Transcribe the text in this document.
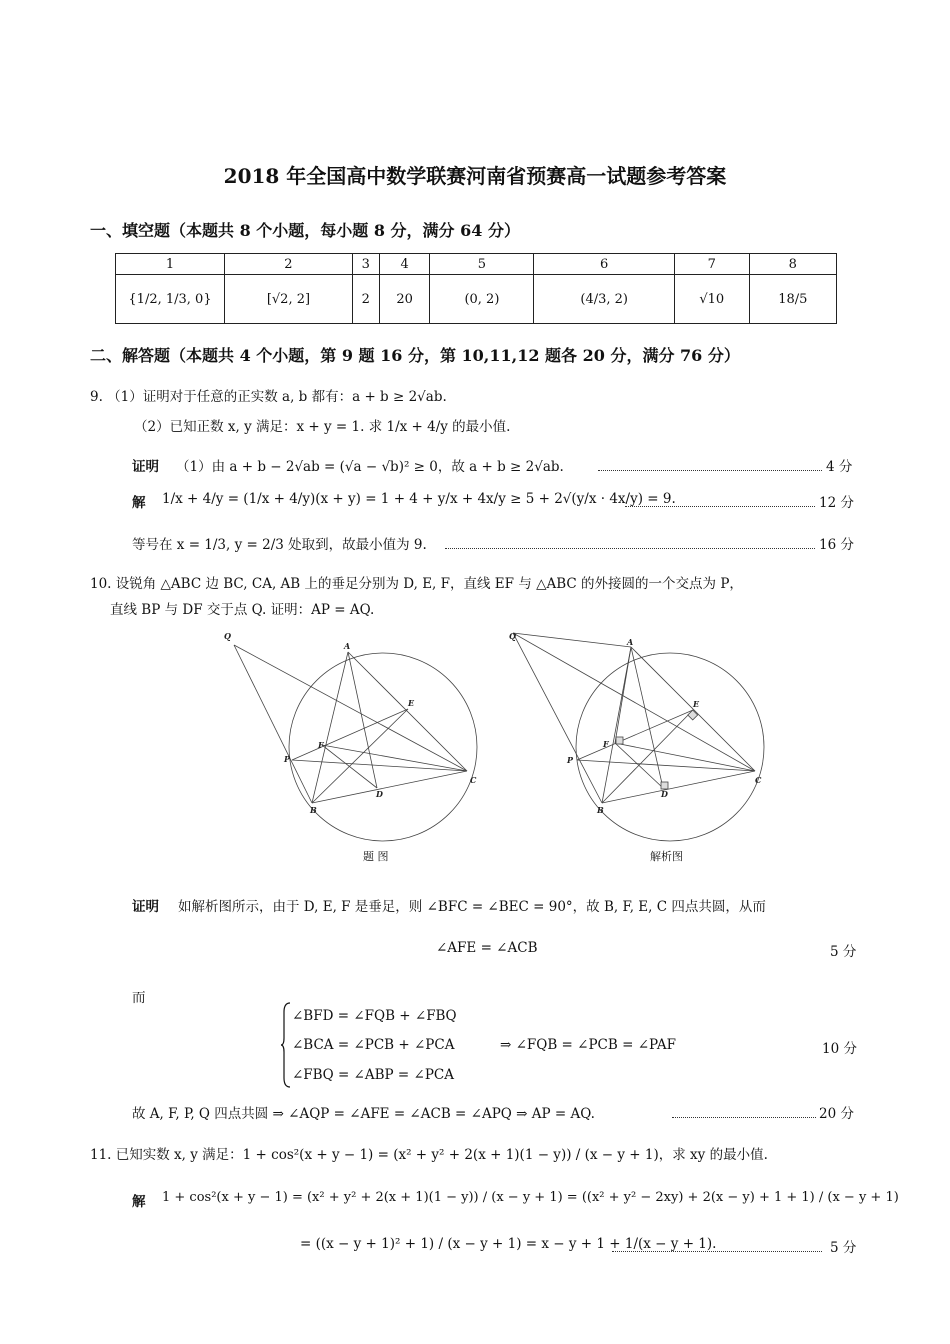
2018 年全国高中数学联赛河南省预赛高一试题参考答案
一、填空题（本题共 8 个小题，每小题 8 分，满分 64 分）
1	2	3	4	5	6	7	8
{1/2, 1/3, 0}	[√2, 2]	2	20	(0, 2)	(4/3, 2)	√10	18/5
二、解答题（本题共 4 个小题，第 9 题 16 分，第 10,11,12 题各 20 分，满分 76 分）
9. （1）证明对于任意的正实数 a, b 都有：a + b ≥ 2√ab.
（2）已知正数 x, y 满足：x + y = 1. 求 1/x + 4/y 的最小值.
证明 （1）由 a + b − 2√ab = (√a − √b)² ≥ 0，故 a + b ≥ 2√ab.	4 分
解 1/x + 4/y = (1/x + 4/y)(x + y) = 1 + 4 + y/x + 4x/y ≥ 5 + 2√(y/x · 4x/y) = 9.	12 分
等号在 x = 1/3, y = 2/3 处取到，故最小值为 9.	16 分
10. 设锐角 △ABC 边 BC, CA, AB 上的垂足分别为 D, E, F，直线 EF 与 △ABC 的外接圆的一个交点为 P，
直线 BP 与 DF 交于点 Q. 证明：AP = AQ.
Q
A
E
F
P
C
B
D
题 图
Q
A
E
F
P
C
B
D
解析图
证明 如解析图所示，由于 D, E, F 是垂足，则 ∠BFC = ∠BEC = 90°，故 B, F, E, C 四点共圆，从而
∠AFE = ∠ACB	5 分
而
∠BFD = ∠FQB + ∠FBQ
∠BCA = ∠PCB + ∠PCA
∠FBQ = ∠ABP = ∠PCA
⇒ ∠FQB = ∠PCB = ∠PAF	10 分
故 A, F, P, Q 四点共圆 ⇒ ∠AQP = ∠AFE = ∠ACB = ∠APQ ⇒ AP = AQ.	20 分
11. 已知实数 x, y 满足：1 + cos²(x + y − 1) = (x² + y² + 2(x + 1)(1 − y)) / (x − y + 1)，求 xy 的最小值.
解 1 + cos²(x + y − 1) = (x² + y² + 2(x + 1)(1 − y)) / (x − y + 1) = ((x² + y² − 2xy) + 2(x − y) + 1 + 1) / (x − y + 1)
= ((x − y + 1)² + 1) / (x − y + 1) = x − y + 1 + 1/(x − y + 1).	5 分
